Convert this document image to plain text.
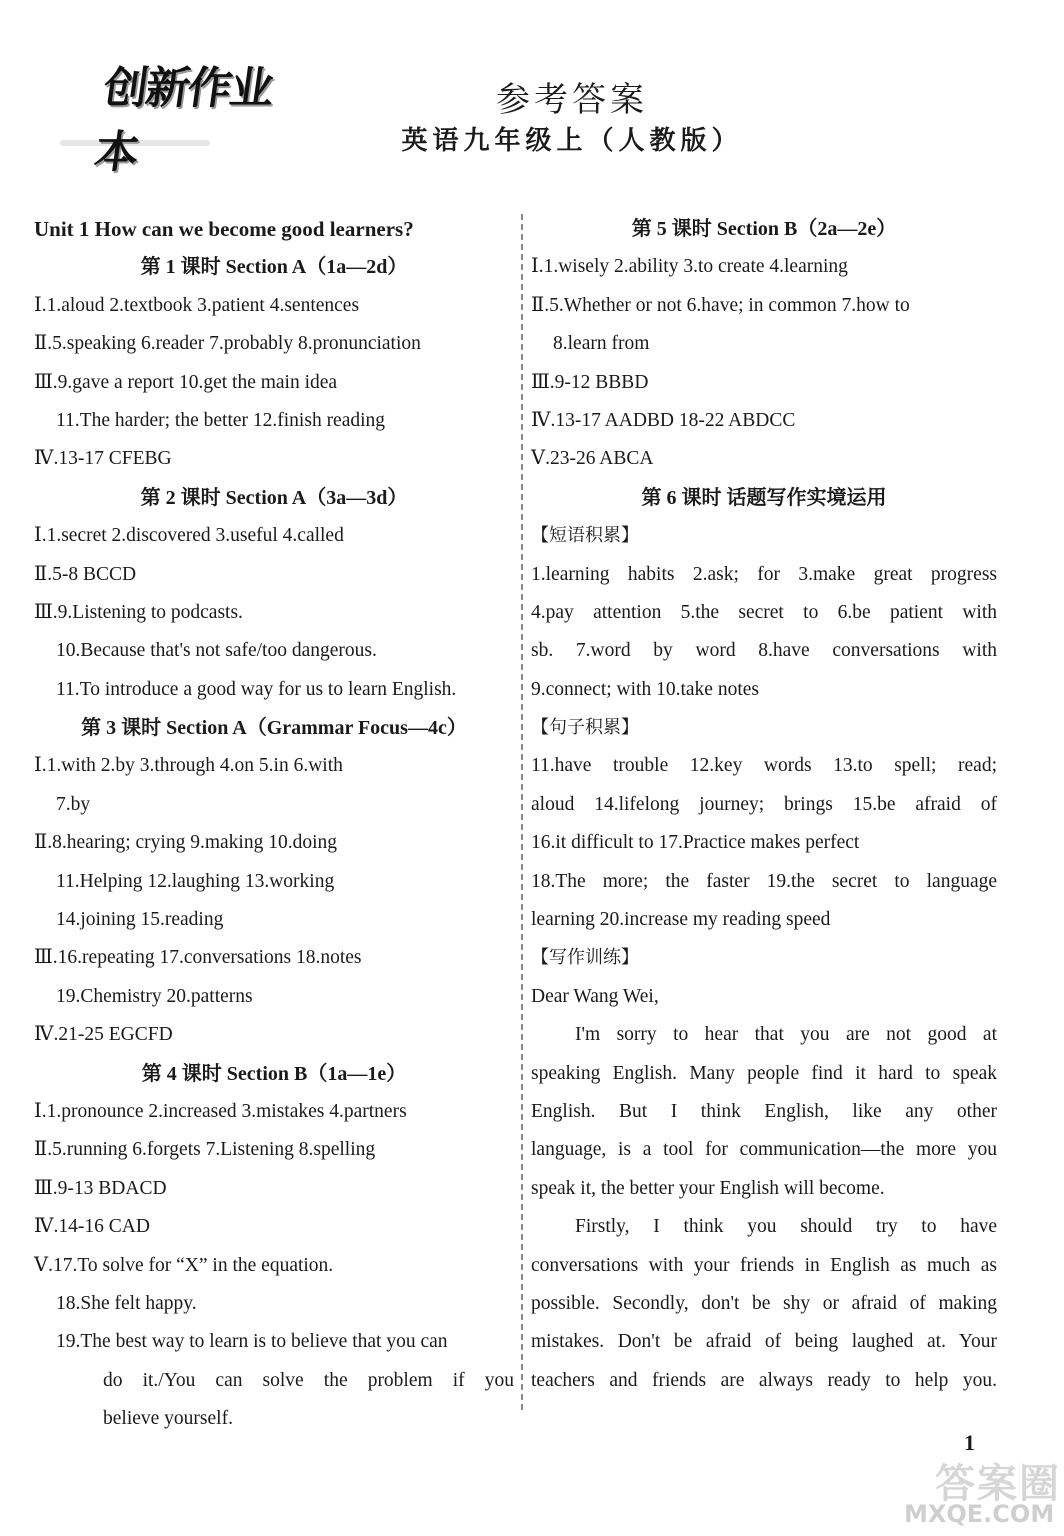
创新作业本
参考答案
英语九年级上（人教版）
Unit 1 How can we become good learners?
第 1 课时 Section A（1a—2d）
Ⅰ.1.aloud 2.textbook 3.patient 4.sentences
Ⅱ.5.speaking 6.reader 7.probably 8.pronunciation
Ⅲ.9.gave a report 10.get the main idea
11.The harder; the better 12.finish reading
Ⅳ.13-17 CFEBG
第 2 课时 Section A（3a—3d）
Ⅰ.1.secret 2.discovered 3.useful 4.called
Ⅱ.5-8 BCCD
Ⅲ.9.Listening to podcasts.
10.Because that's not safe/too dangerous.
11.To introduce a good way for us to learn English.
第 3 课时 Section A（Grammar Focus—4c）
Ⅰ.1.with 2.by 3.through 4.on 5.in 6.with
7.by
Ⅱ.8.hearing; crying 9.making 10.doing
11.Helping 12.laughing 13.working
14.joining 15.reading
Ⅲ.16.repeating 17.conversations 18.notes
19.Chemistry 20.patterns
Ⅳ.21-25 EGCFD
第 4 课时 Section B（1a—1e）
Ⅰ.1.pronounce 2.increased 3.mistakes 4.partners
Ⅱ.5.running 6.forgets 7.Listening 8.spelling
Ⅲ.9-13 BDACD
Ⅳ.14-16 CAD
Ⅴ.17.To solve for “X” in the equation.
18.She felt happy.
19.The best way to learn is to believe that you can
do it./You can solve the problem if you
believe yourself.
第 5 课时 Section B（2a—2e）
Ⅰ.1.wisely 2.ability 3.to create 4.learning
Ⅱ.5.Whether or not 6.have; in common 7.how to
8.learn from
Ⅲ.9-12 BBBD
Ⅳ.13-17 AADBD 18-22 ABDCC
Ⅴ.23-26 ABCA
第 6 课时 话题写作实境运用
【短语积累】
1.learning habits 2.ask; for 3.make great progress
4.pay attention 5.the secret to 6.be patient with
sb. 7.word by word 8.have conversations with
9.connect; with 10.take notes
【句子积累】
11.have trouble 12.key words 13.to spell; read;
aloud 14.lifelong journey; brings 15.be afraid of
16.it difficult to 17.Practice makes perfect
18.The more; the faster 19.the secret to language
learning 20.increase my reading speed
【写作训练】
Dear Wang Wei,
I'm sorry to hear that you are not good at
speaking English. Many people find it hard to speak
English. But I think English, like any other
language, is a tool for communication—the more you
speak it, the better your English will become.
Firstly, I think you should try to have
conversations with your friends in English as much as
possible. Secondly, don't be shy or afraid of making
mistakes. Don't be afraid of being laughed at. Your
teachers and friends are always ready to help you.
1
答案圈
MXQE.COM
